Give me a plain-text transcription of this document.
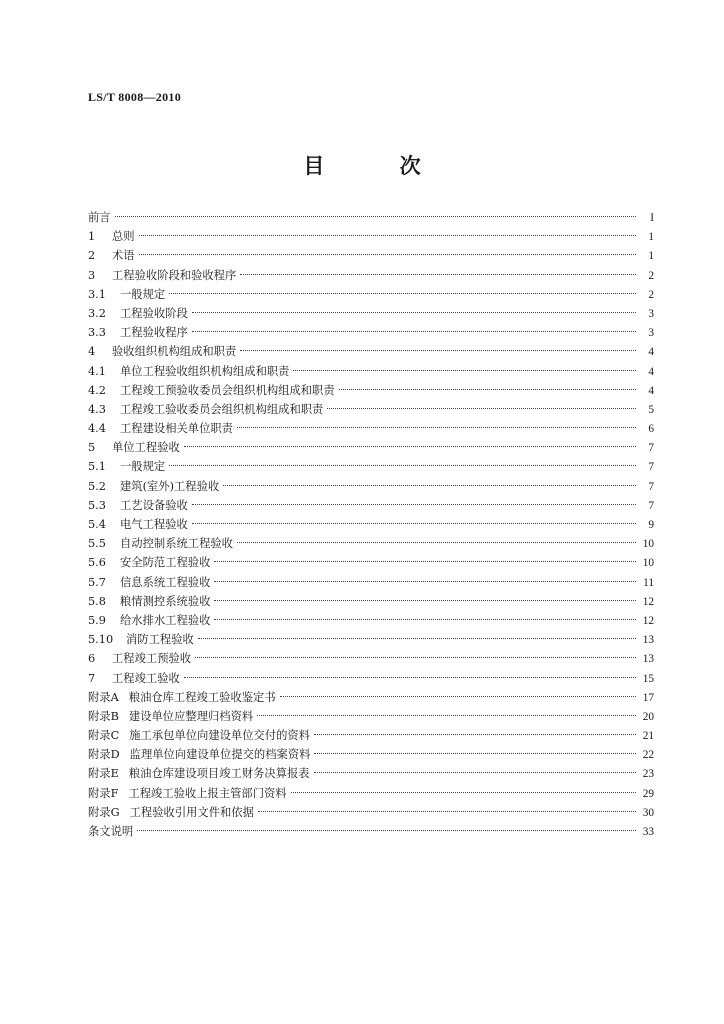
LS/T 8008—2010
目 次
前言	I
1	总则	1
2	术语	1
3	工程验收阶段和验收程序	2
3.1	一般规定	2
3.2	工程验收阶段	3
3.3	工程验收程序	3
4	验收组织机构组成和职责	4
4.1	单位工程验收组织机构组成和职责	4
4.2	工程竣工预验收委员会组织机构组成和职责	4
4.3	工程竣工验收委员会组织机构组成和职责	5
4.4	工程建设相关单位职责	6
5	单位工程验收	7
5.1	一般规定	7
5.2	建筑(室外)工程验收	7
5.3	工艺设备验收	7
5.4	电气工程验收	9
5.5	自动控制系统工程验收	10
5.6	安全防范工程验收	10
5.7	信息系统工程验收	11
5.8	粮情测控系统验收	12
5.9	给水排水工程验收	12
5.10	消防工程验收	13
6	工程竣工预验收	13
7	工程竣工验收	15
附录A 粮油仓库工程竣工验收鉴定书	17
附录B 建设单位应整理归档资料	20
附录C 施工承包单位向建设单位交付的资料	21
附录D 监理单位向建设单位提交的档案资料	22
附录E 粮油仓库建设项目竣工财务决算报表	23
附录F 工程竣工验收上报主管部门资料	29
附录G 工程验收引用文件和依据	30
条文说明	33
